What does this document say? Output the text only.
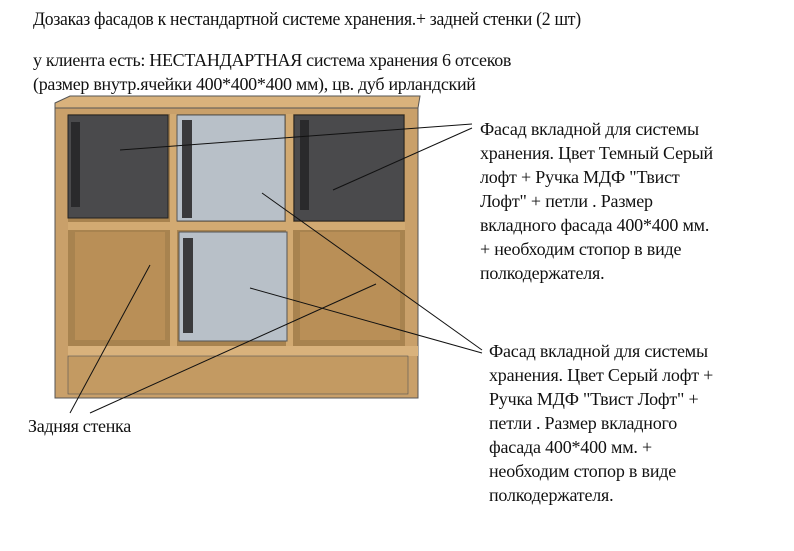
Дозаказ фасадов к нестандартной системе хранения.+ задней стенки (2 шт)
у клиента есть: НЕСТАНДАРТНАЯ система хранения 6 отсеков
(размер внутр.ячейки 400*400*400 мм), цв. дуб ирландский
Фасад вкладной для системы
хранения. Цвет Темный Серый
лофт + Ручка МДФ "Твист
Лофт" + петли . Размер
вкладного фасада 400*400 мм.
+ необходим стопор в виде
полкодержателя.
Фасад вкладной для системы
хранения. Цвет Серый лофт +
Ручка МДФ "Твист Лофт" +
петли . Размер вкладного
фасада 400*400 мм. +
необходим стопор в виде
полкодержателя.
Задняя стенка
